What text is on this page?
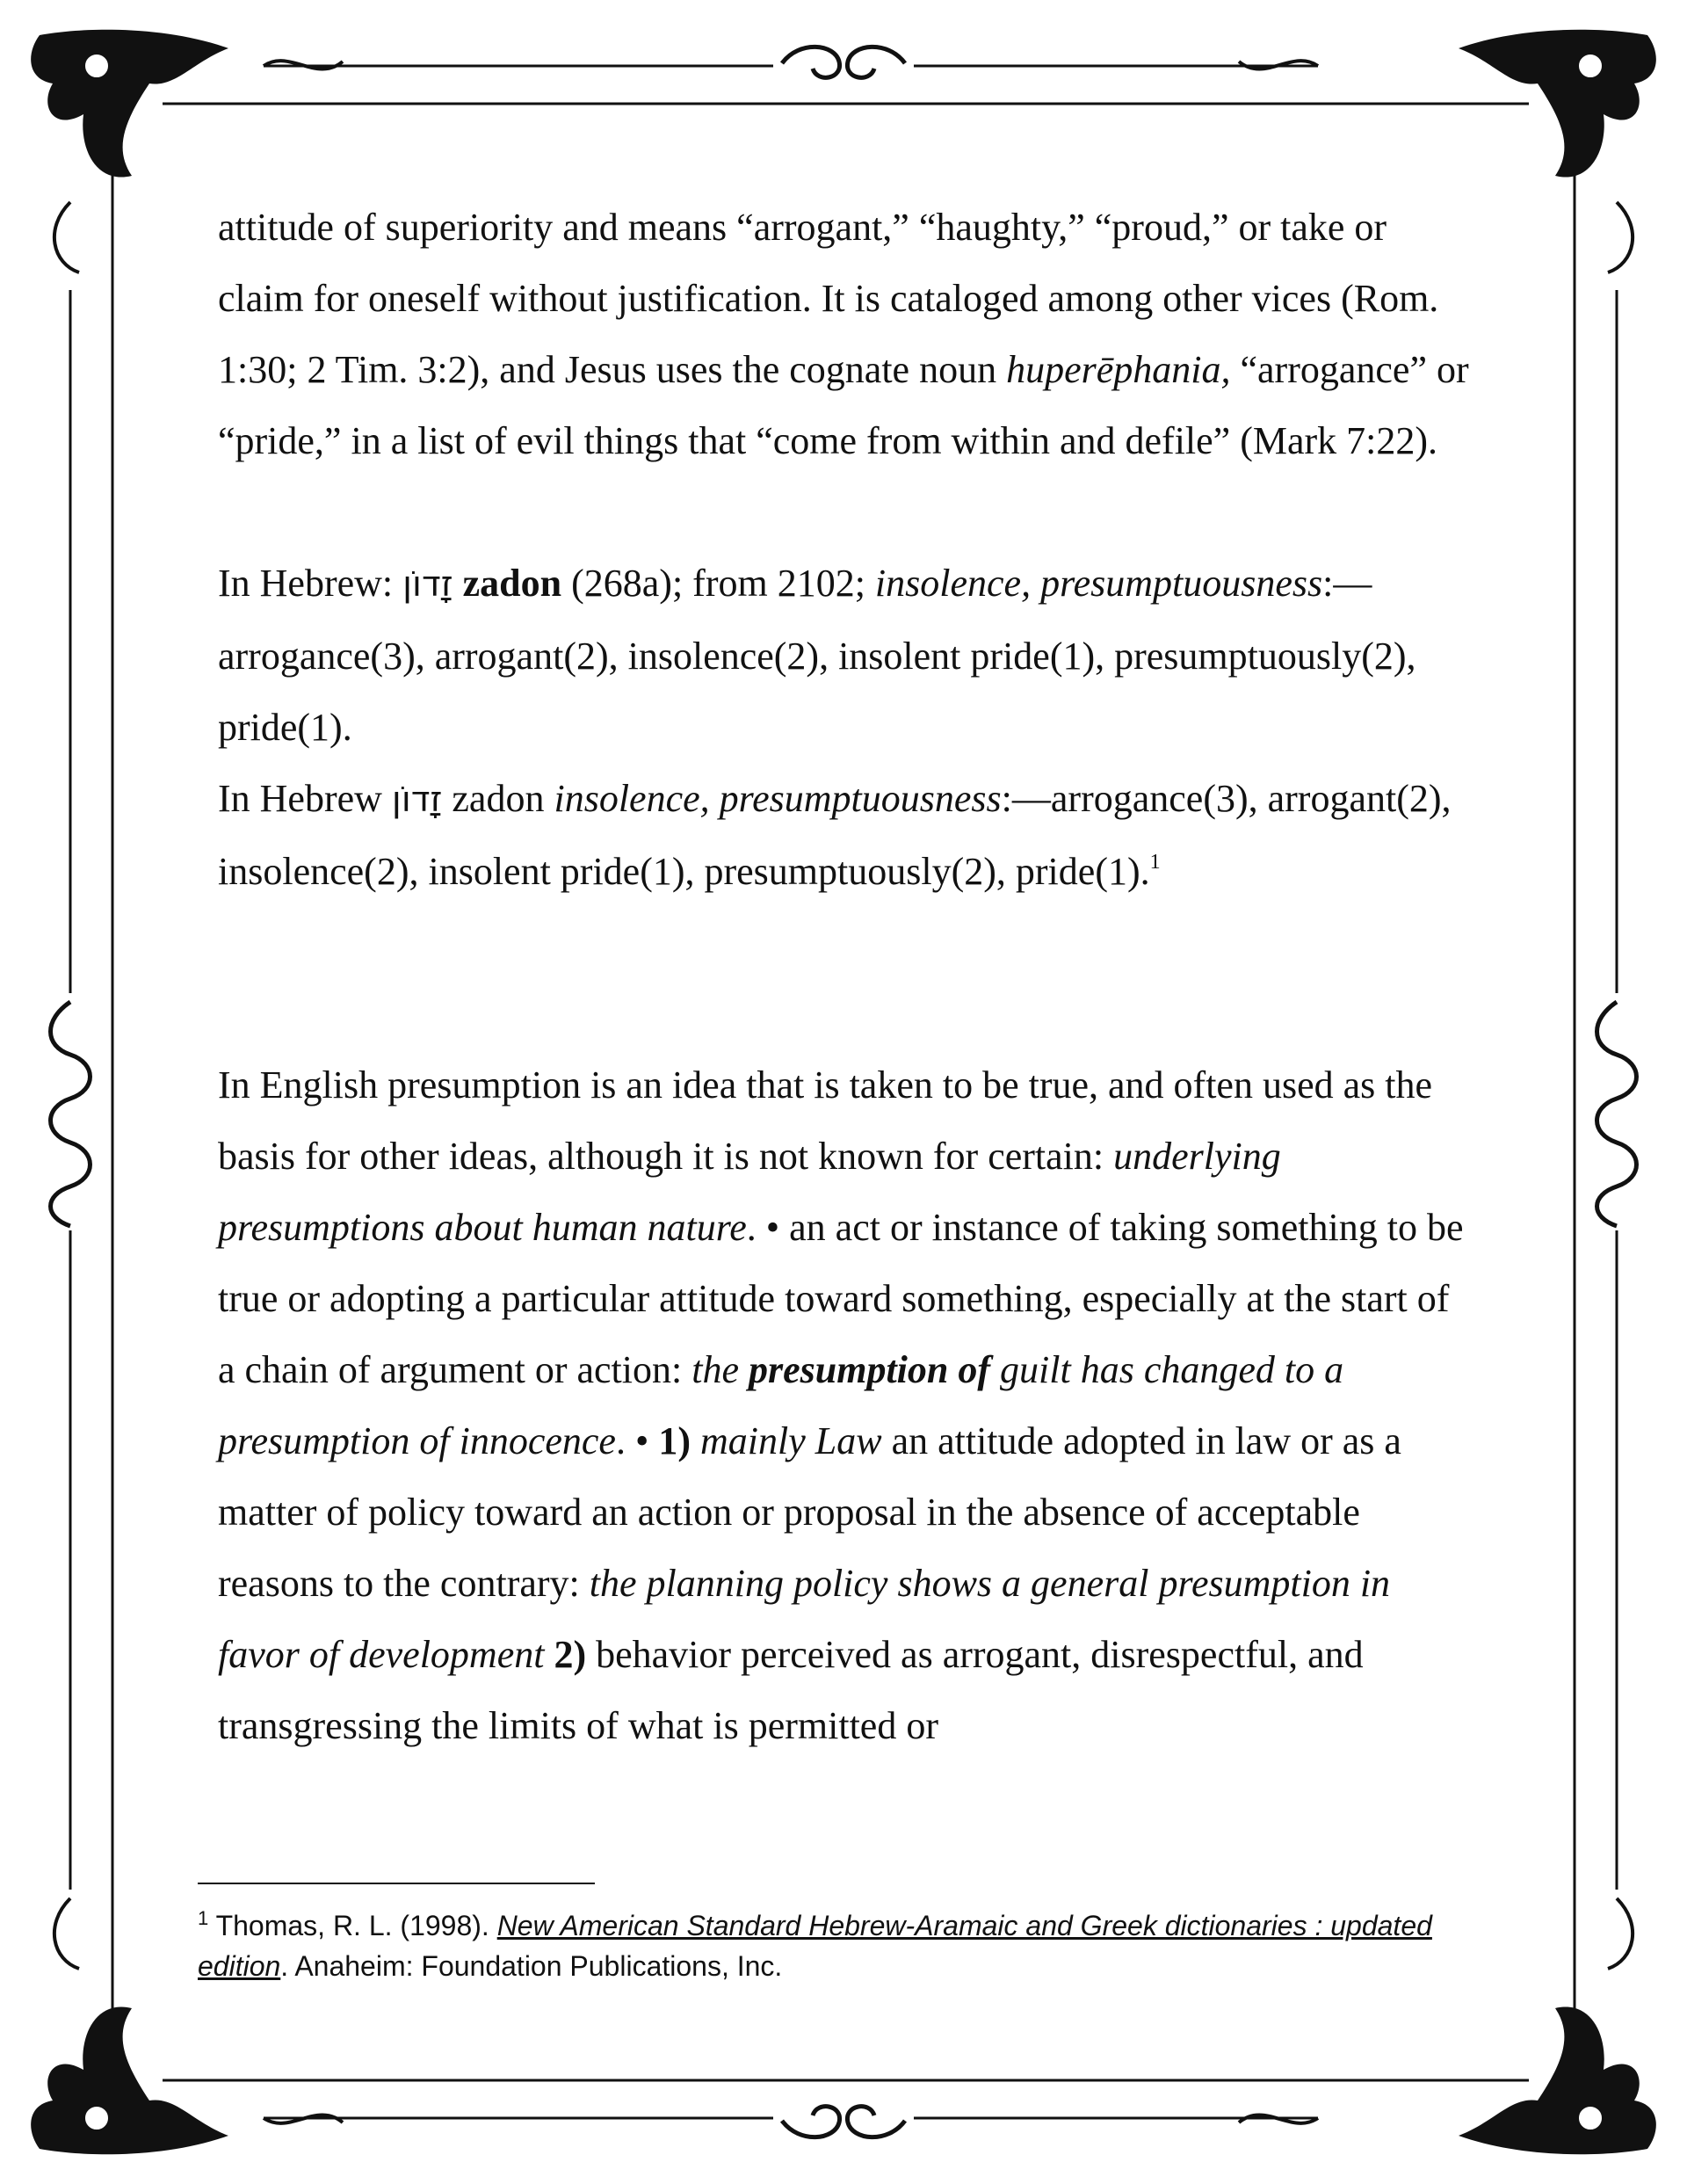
attitude of superiority and means “arrogant,” “haughty,” “proud,” or take or claim for oneself without justification. It is cataloged among other vices (Rom. 1:30; 2 Tim. 3:2), and Jesus uses the cognate noun huperēphania, “arrogance” or “pride,” in a list of evil things that “come from within and defile” (Mark 7:22).

In Hebrew: זָדוֹן zadon (268a); from 2102; insolence, presumptuousness:—arrogance(3), arrogant(2), insolence(2), insolent pride(1), presumptuously(2), pride(1).

In Hebrew זָדוֹן zadon insolence, presumptuousness:—arrogance(3), arrogant(2), insolence(2), insolent pride(1), presumptuously(2), pride(1).$^1$

In English presumption is an idea that is taken to be true, and often used as the basis for other ideas, although it is not known for certain: underlying presumptions about human nature. • an act or instance of taking something to be true or adopting a particular attitude toward something, especially at the start of a chain of argument or action: the presumption of guilt has changed to a presumption of innocence. • 1) mainly Law an attitude adopted in law or as a matter of policy toward an action or proposal in the absence of acceptable reasons to the contrary: the planning policy shows a general presumption in favor of development 2) behavior perceived as arrogant, disrespectful, and transgressing the limits of what is permitted or

$^1$ Thomas, R. L. (1998). New American Standard Hebrew-Aramaic and Greek dictionaries : updated edition. Anaheim: Foundation Publications, Inc.
